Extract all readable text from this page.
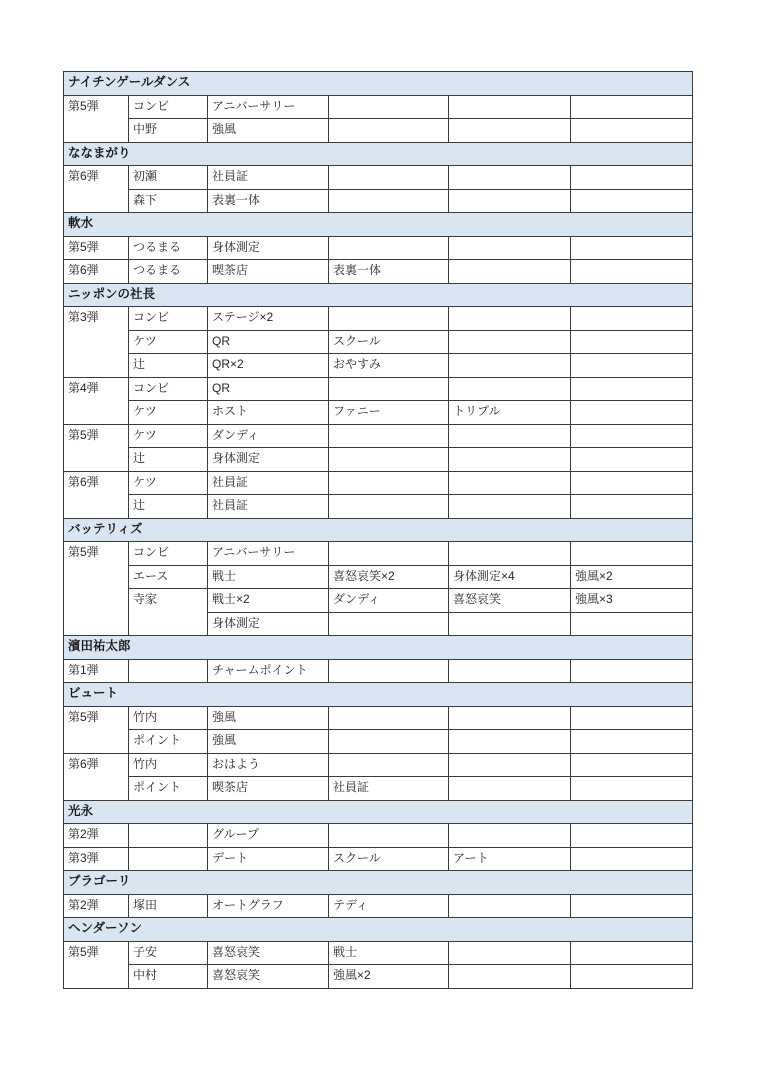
ナイチンゲールダンス					
第5弾	コンビ	アニバーサリー			
	中野	強風			
ななまがり					
第6弾	初瀬	社員証			
	森下	表裏一体			
軟水					
第5弾	つるまる	身体測定			
第6弾	つるまる	喫茶店	表裏一体		
ニッポンの社長					
第3弾	コンビ	ステージ×2			
	ケツ	QR	スクール		
	辻	QR×2	おやすみ		
第4弾	コンビ	QR			
	ケツ	ホスト	ファニー	トリプル	
第5弾	ケツ	ダンディ			
	辻	身体測定			
第6弾	ケツ	社員証			
	辻	社員証			
バッテリィズ					
第5弾	コンビ	アニバーサリー			
	エース	戦士	喜怒哀笑×2	身体測定×4	強風×2
	寺家	戦士×2	ダンディ	喜怒哀笑	強風×3
		身体測定			
濱田祐太郎					
第1弾		チャームポイント			
ビュート					
第5弾	竹内	強風			
	ポイント	強風			
第6弾	竹内	おはよう			
	ポイント	喫茶店	社員証		
光永					
第2弾		グループ			
第3弾		デート	スクール	アート	
ブラゴーリ					
第2弾	塚田	オートグラフ	テディ		
ヘンダーソン					
第5弾	子安	喜怒哀笑	戦士		
	中村	喜怒哀笑	強風×2		
